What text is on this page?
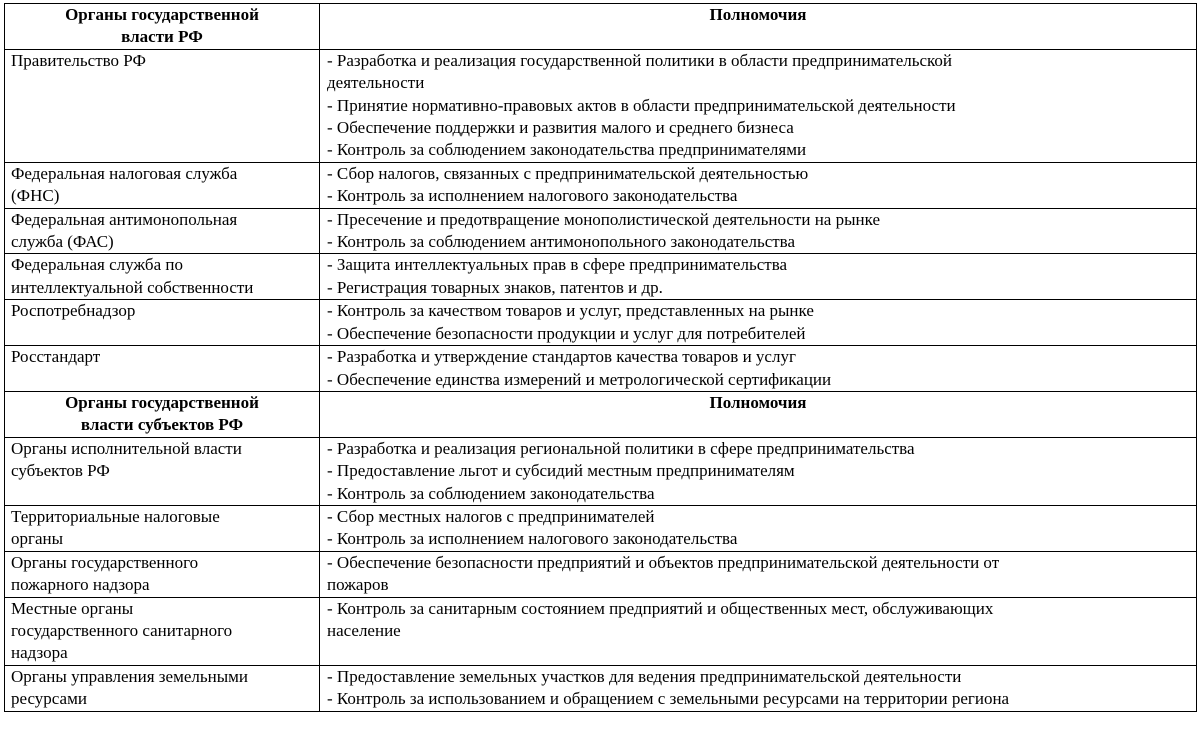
Органы государственной
власти РФ	Полномочия

Правительство РФ	- Разработка и реализация государственной политики в области предпринимательской
деятельности
- Принятие нормативно-правовых актов в области предпринимательской деятельности
- Обеспечение поддержки и развития малого и среднего бизнеса
- Контроль за соблюдением законодательства предпринимателями

Федеральная налоговая служба
(ФНС)	- Сбор налогов, связанных с предпринимательской деятельностью
- Контроль за исполнением налогового законодательства

Федеральная антимонопольная
служба (ФАС)	- Пресечение и предотвращение монополистической деятельности на рынке
- Контроль за соблюдением антимонопольного законодательства

Федеральная служба по
интеллектуальной собственности	- Защита интеллектуальных прав в сфере предпринимательства
- Регистрация товарных знаков, патентов и др.

Роспотребнадзор	- Контроль за качеством товаров и услуг, представленных на рынке
- Обеспечение безопасности продукции и услуг для потребителей

Росстандарт	- Разработка и утверждение стандартов качества товаров и услуг
- Обеспечение единства измерений и метрологической сертификации

Органы государственной
власти субъектов РФ	Полномочия

Органы исполнительной власти
субъектов РФ	- Разработка и реализация региональной политики в сфере предпринимательства
- Предоставление льгот и субсидий местным предпринимателям
- Контроль за соблюдением законодательства

Территориальные налоговые
органы	- Сбор местных налогов с предпринимателей
- Контроль за исполнением налогового законодательства

Органы государственного
пожарного надзора	- Обеспечение безопасности предприятий и объектов предпринимательской деятельности от
пожаров

Местные органы
государственного санитарного
надзора	- Контроль за санитарным состоянием предприятий и общественных мест, обслуживающих
население

Органы управления земельными
ресурсами	- Предоставление земельных участков для ведения предпринимательской деятельности
- Контроль за использованием и обращением с земельными ресурсами на территории региона
